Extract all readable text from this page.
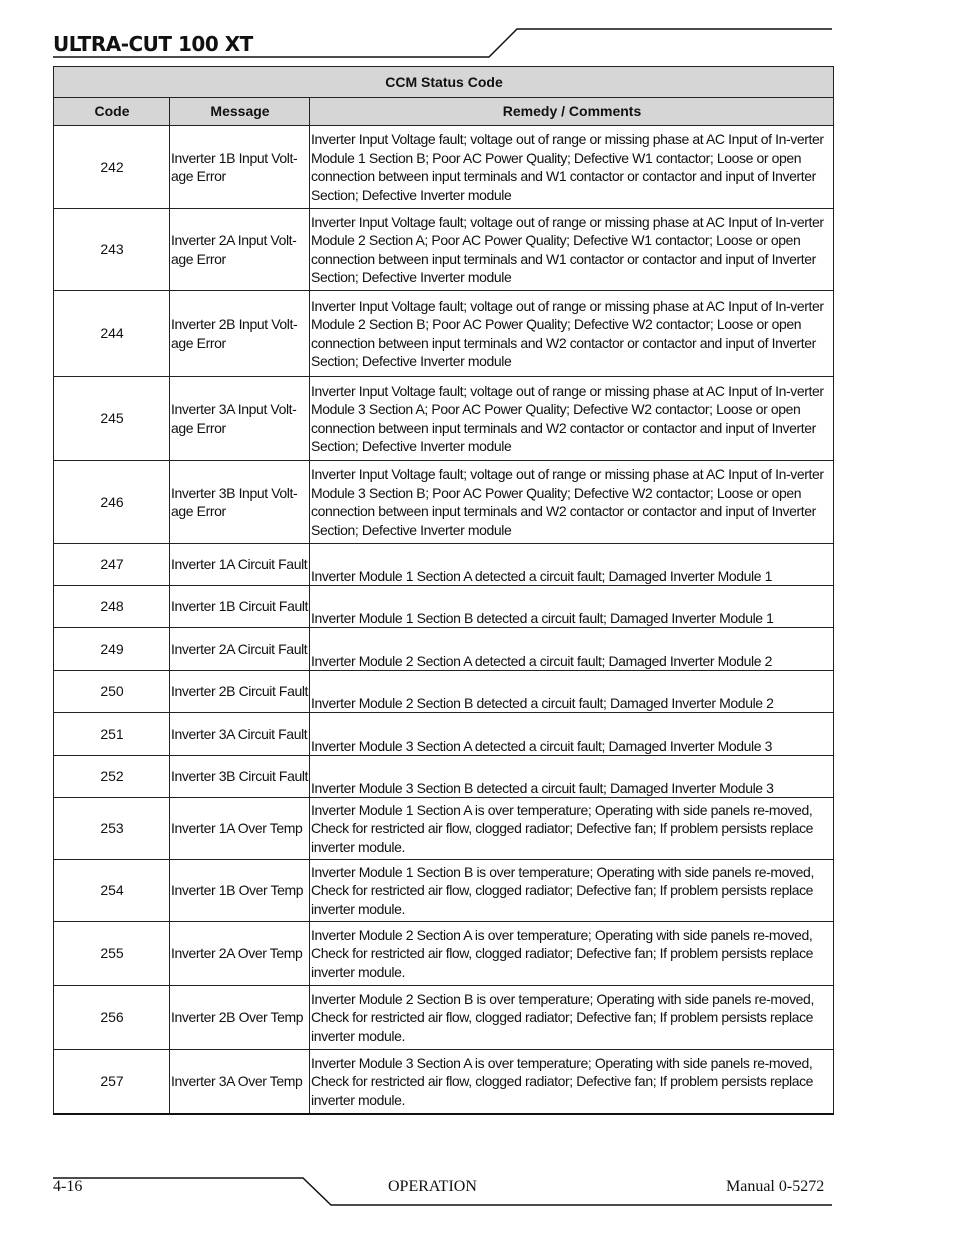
ULTRA-CUT 100 XT
CCM Status Code		
Code	Message	Remedy / Comments
242	Inverter 1B Input Volt-age Error	Inverter Input Voltage fault; voltage out of range or missing phase at AC Input of In-verter Module 1 Section B; Poor AC Power Quality; Defective W1 contactor; Loose or open connection between input terminals and W1 contactor or contactor and input of Inverter Section; Defective Inverter module
243	Inverter 2A Input Volt-age Error	Inverter Input Voltage fault; voltage out of range or missing phase at AC Input of In-verter Module 2 Section A; Poor AC Power Quality; Defective W1 contactor; Loose or open connection between input terminals and W1 contactor or contactor and input of Inverter Section; Defective Inverter module
244	Inverter 2B Input Volt-age Error	Inverter Input Voltage fault; voltage out of range or missing phase at AC Input of In-verter Module 2 Section B; Poor AC Power Quality; Defective W2 contactor; Loose or open connection between input terminals and W2 contactor or contactor and input of Inverter Section; Defective Inverter module
245	Inverter 3A Input Volt-age Error	Inverter Input Voltage fault; voltage out of range or missing phase at AC Input of In-verter Module 3 Section A; Poor AC Power Quality; Defective W2 contactor; Loose or open connection between input terminals and W2 contactor or contactor and input of Inverter Section; Defective Inverter module
246	Inverter 3B Input Volt-age Error	Inverter Input Voltage fault; voltage out of range or missing phase at AC Input of In-verter Module 3 Section B; Poor AC Power Quality; Defective W2 contactor; Loose or open connection between input terminals and W2 contactor or contactor and input of Inverter Section; Defective Inverter module
247	Inverter 1A Circuit Fault	Inverter Module 1 Section A detected a circuit fault; Damaged Inverter Module 1
248	Inverter 1B Circuit Fault	Inverter Module 1 Section B detected a circuit fault; Damaged Inverter Module 1
249	Inverter 2A Circuit Fault	Inverter Module 2 Section A detected a circuit fault; Damaged Inverter Module 2
250	Inverter 2B Circuit Fault	Inverter Module 2 Section B detected a circuit fault; Damaged Inverter Module 2
251	Inverter 3A Circuit Fault	Inverter Module 3 Section A detected a circuit fault; Damaged Inverter Module 3
252	Inverter 3B Circuit Fault	Inverter Module 3 Section B detected a circuit fault; Damaged Inverter Module 3
253	Inverter 1A Over Temp	Inverter Module 1 Section A is over temperature; Operating with side panels re-moved, Check for restricted air flow, clogged radiator; Defective fan; If problem persists replace inverter module.
254	Inverter 1B Over Temp	Inverter Module 1 Section B is over temperature; Operating with side panels re-moved, Check for restricted air flow, clogged radiator; Defective fan; If problem persists replace inverter module.
255	Inverter 2A Over Temp	Inverter Module 2 Section A is over temperature; Operating with side panels re-moved, Check for restricted air flow, clogged radiator; Defective fan; If problem persists replace inverter module.
256	Inverter 2B Over Temp	Inverter Module 2 Section B is over temperature; Operating with side panels re-moved, Check for restricted air flow, clogged radiator; Defective fan; If problem persists replace inverter module.
257	Inverter 3A Over Temp	Inverter Module 3 Section A is over temperature; Operating with side panels re-moved, Check for restricted air flow, clogged radiator; Defective fan; If problem persists replace inverter module.
4-16	OPERATION	Manual 0-5272
